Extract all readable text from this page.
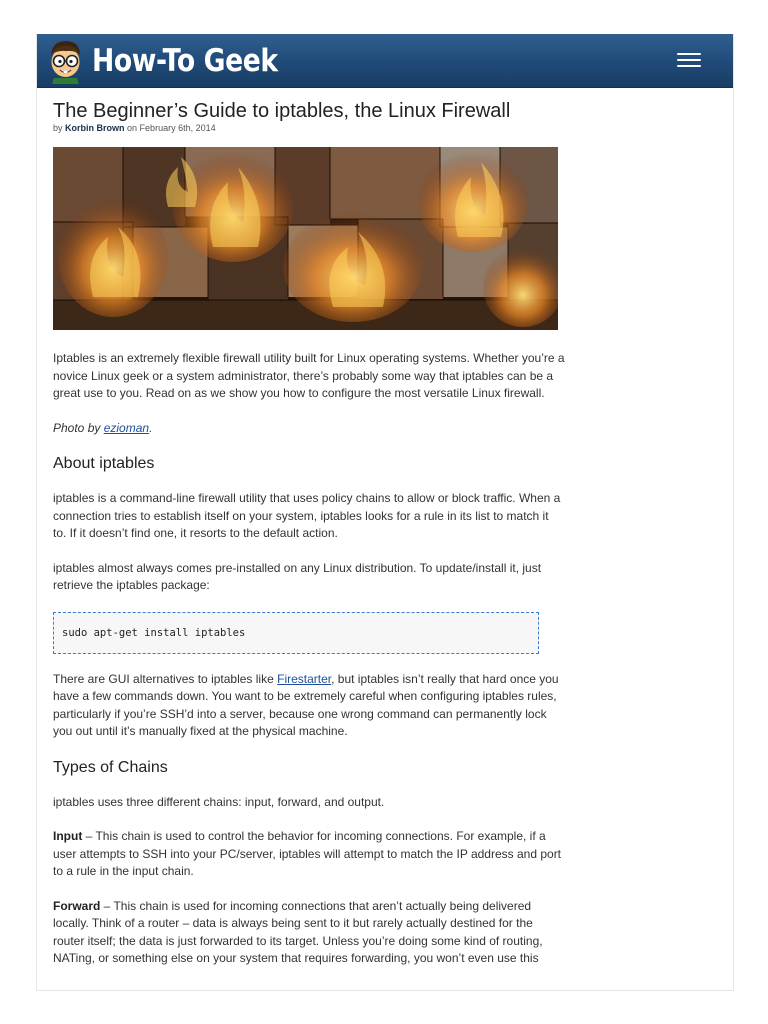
How-To Geek
The Beginner’s Guide to iptables, the Linux Firewall
by Korbin Brown on February 6th, 2014

Iptables is an extremely flexible firewall utility built for Linux operating systems. Whether you’re a novice Linux geek or a system administrator, there’s probably some way that iptables can be a great use to you. Read on as we show you how to configure the most versatile Linux firewall.

Photo by ezioman.

About iptables

iptables is a command-line firewall utility that uses policy chains to allow or block traffic. When a connection tries to establish itself on your system, iptables looks for a rule in its list to match it to. If it doesn’t find one, it resorts to the default action.

iptables almost always comes pre-installed on any Linux distribution. To update/install it, just retrieve the iptables package:

sudo apt-get install iptables

There are GUI alternatives to iptables like Firestarter, but iptables isn’t really that hard once you have a few commands down. You want to be extremely careful when configuring iptables rules, particularly if you’re SSH’d into a server, because one wrong command can permanently lock you out until it’s manually fixed at the physical machine.

Types of Chains

iptables uses three different chains: input, forward, and output.

Input – This chain is used to control the behavior for incoming connections. For example, if a user attempts to SSH into your PC/server, iptables will attempt to match the IP address and port to a rule in the input chain.

Forward – This chain is used for incoming connections that aren’t actually being delivered locally. Think of a router – data is always being sent to it but rarely actually destined for the router itself; the data is just forwarded to its target. Unless you’re doing some kind of routing, NATing, or something else on your system that requires forwarding, you won’t even use this
